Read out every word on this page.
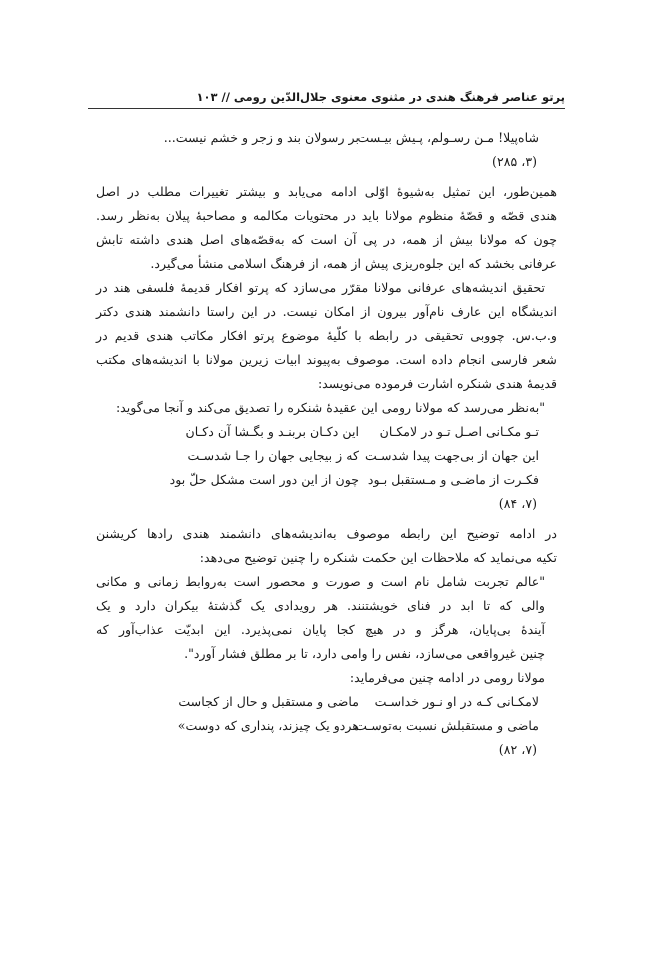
پرتو عناصر فرهنگ هندی در مثنوی معنوی جلال‌الدّین رومی // ۱۰۳
شاه‌پیلا! مـن رسـولم، پـیش بیـست
بر رسولان بند و زجر و خشم نیست...
(۳، ۲۸۵)
همین‌طور، این تمثیل به‌شیوۀ اوّلی ادامه می‌یابد و بیشتر تغییرات مطلب در اصل
هندی قصّه و قصّۀ منظوم مولانا باید در محتویات مکالمه و مصاحبۀ پیلان به‌نظر رسد.
چون که مولانا بیش از همه، در پی آن است که به‌قصّه‌های اصل هندی داشته تابش
عرفانی بخشد که این جلوه‌ریزی پیش از همه، از فرهنگ اسلامی منشأ می‌گیرد.
تحقیق اندیشه‌های عرفانی مولانا مقرّر می‌سازد که پرتو افکار قدیمۀ فلسفی هند در
اندیشگاه این عارف نام‌آور بیرون از امکان نیست. در این راستا دانشمند هندی دکتر
و.ب.س. چووبی تحقیقی در رابطه با کلّیۀ موضوع پرتو افکار مکاتب هندی قدیم در
شعر فارسی انجام داده است. موصوف به‌پیوند ابیات زیرین مولانا با اندیشه‌های مکتب
قدیمۀ هندی شنکره اشارت فرموده می‌نویسد:
"به‌نظر می‌رسد که مولانا رومی این عقیدۀ شنکره را تصدیق می‌کند و آنجا می‌گوید:
تـو مکـانی اصـل تـو در لامکـان
این دکـان بربنـد و بگـشا آن دکـان
این جهان از بی‌جهت پیدا شدسـت
که ز بیجایی جهان را جـا شدسـت
فکـرت از ماضـی و مـستقبل بـود
چون از این دور است مشکل حلّ بود
(۷، ۸۴)
در ادامه توضیح این رابطه موصوف به‌اندیشه‌های دانشمند هندی رادها کریشنن
تکیه می‌نماید که ملاحظات این حکمت شنکره را چنین توضیح می‌دهد:
"عالم تجربت شامل نام است و صورت و محصور است به‌روابط زمانی و مکانی
والی که تا ابد در فنای خویشتنند. هر رویدادی یک گذشتۀ بیکران دارد و یک
آیندۀ بی‌پایان، هرگز و در هیچ کجا پایان نمی‌پذیرد. این ابدیّت عذاب‌آور که
چنین غیرواقعی می‌سازد، نفس را وامی دارد، تا بر مطلق فشار آورد".
مولانا رومی در ادامه چنین می‌فرماید:
لامکـانی کـه در او نـور خداسـت
ماضی و مستقبل و حال از کجاست
ماضی و مستقبلش نسبت به‌توسـت
هردو یک چیزند، پنداری که دوست»
(۷، ۸۲)
